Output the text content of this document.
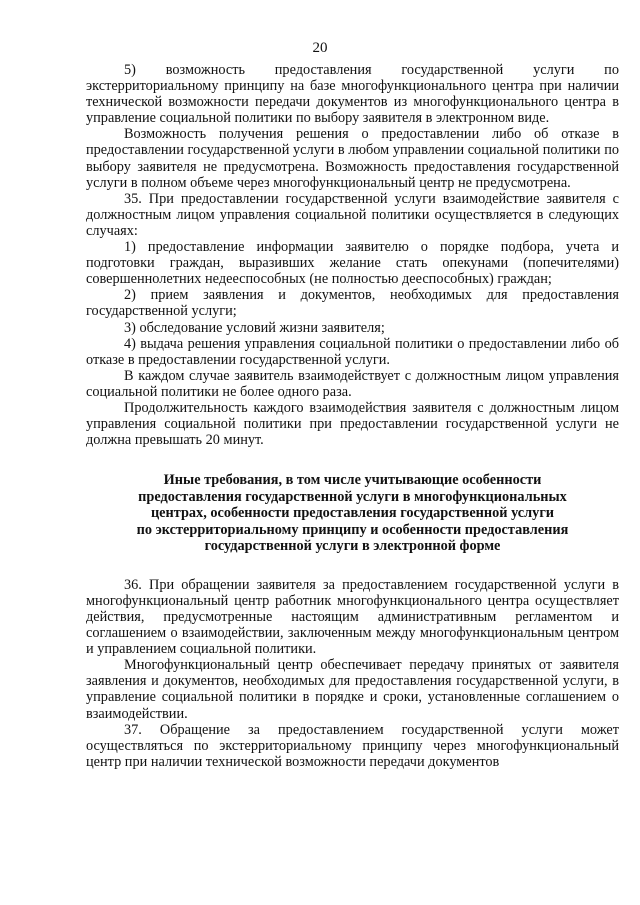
20

5) возможность предоставления государственной услуги по экстерриториальному принципу на базе многофункционального центра при наличии технической возможности передачи документов из многофункционального центра в управление социальной политики по выбору заявителя в электронном виде.

Возможность получения решения о предоставлении либо об отказе в предоставлении государственной услуги в любом управлении социальной политики по выбору заявителя не предусмотрена. Возможность предоставления государственной услуги в полном объеме через многофункциональный центр не предусмотрена.

35. При предоставлении государственной услуги взаимодействие заявителя с должностным лицом управления социальной политики осуществляется в следующих случаях:

1) предоставление информации заявителю о порядке подбора, учета и подготовки граждан, выразивших желание стать опекунами (попечителями) совершеннолетних недееспособных (не полностью дееспособных) граждан;

2) прием заявления и документов, необходимых для предоставления государственной услуги;

3) обследование условий жизни заявителя;

4) выдача решения управления социальной политики о предоставлении либо об отказе в предоставлении государственной услуги.

В каждом случае заявитель взаимодействует с должностным лицом управления социальной политики не более одного раза.

Продолжительность каждого взаимодействия заявителя с должностным лицом управления социальной политики при предоставлении государственной услуги не должна превышать 20 минут.

Иные требования, в том числе учитывающие особенности
предоставления государственной услуги в многофункциональных
центрах, особенности предоставления государственной услуги
по экстерриториальному принципу и особенности предоставления
государственной услуги в электронной форме

36. При обращении заявителя за предоставлением государственной услуги в многофункциональный центр работник многофункционального центра осуществляет действия, предусмотренные настоящим административным регламентом и соглашением о взаимодействии, заключенным между многофункциональным центром и управлением социальной политики.

Многофункциональный центр обеспечивает передачу принятых от заявителя заявления и документов, необходимых для предоставления государственной услуги, в управление социальной политики в порядке и сроки, установленные соглашением о взаимодействии.

37. Обращение за предоставлением государственной услуги может осуществляться по экстерриториальному принципу через многофункциональный центр при наличии технической возможности передачи документов
